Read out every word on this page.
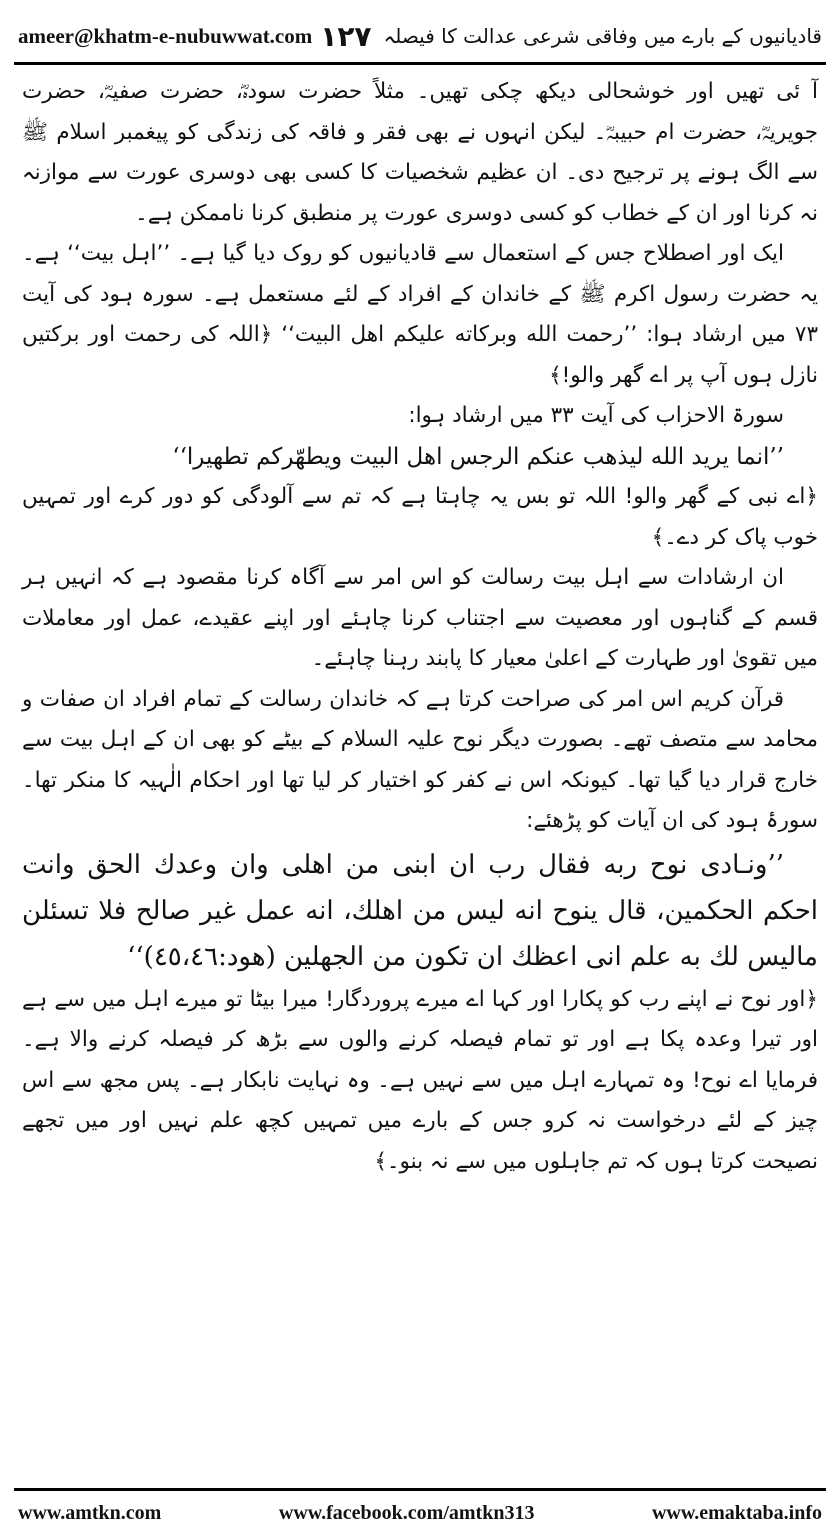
ameer@khatm-e-nubuwwat.com ١٢٧ قادیانیوں کے بارے میں وفاقی شرعی عدالت کا فیصلہ

آ ئی تھیں اور خوشحالی دیکھ چکی تھیں۔ مثلاً حضرت سودہؓ، حضرت صفیہؓ، حضرت جویریہؓ، حضرت ام حبیبہؓ۔ لیکن انہوں نے بھی فقر و فاقہ کی زندگی کو پیغمبر اسلام ﷺ سے الگ ہونے پر ترجیح دی۔ ان عظیم شخصیات کا کسی بھی دوسری عورت سے موازنہ نہ کرنا اور ان کے خطاب کو کسی دوسری عورت پر منطبق کرنا ناممکن ہے۔

ایک اور اصطلاح جس کے استعمال سے قادیانیوں کو روک دیا گیا ہے۔ ’’اہل بیت‘‘ ہے۔ یہ حضرت رسول اکرم ﷺ کے خاندان کے افراد کے لئے مستعمل ہے۔ سورہ ہود کی آیت ۷۳ میں ارشاد ہوا: ’’رحمت الله وبركاته عليكم اهل البيت‘‘ ﴿اللہ کی رحمت اور برکتیں نازل ہوں آپ پر اے گھر والو!﴾

سورۃ الاحزاب کی آیت ۳۳ میں ارشاد ہوا:

’’انما يريد الله ليذهب عنكم الرجس اهل البيت ويطهّركم تطهيرا‘‘

﴿اے نبی کے گھر والو! اللہ تو بس یہ چاہتا ہے کہ تم سے آلودگی کو دور کرے اور تمہیں خوب پاک کر دے۔﴾

ان ارشادات سے اہل بیت رسالت کو اس امر سے آگاہ کرنا مقصود ہے کہ انہیں ہر قسم کے گناہوں اور معصیت سے اجتناب کرنا چاہئے اور اپنے عقیدے، عمل اور معاملات میں تقویٰ اور طہارت کے اعلیٰ معیار کا پابند رہنا چاہئے۔

قرآن کریم اس امر کی صراحت کرتا ہے کہ خاندان رسالت کے تمام افراد ان صفات و محامد سے متصف تھے۔ بصورت دیگر نوح علیہ السلام کے بیٹے کو بھی ان کے اہل بیت سے خارج قرار دیا گیا تھا۔ کیونکہ اس نے کفر کو اختیار کر لیا تھا اور احکام الٰہیہ کا منکر تھا۔ سورۂ ہود کی ان آیات کو پڑھئے:

’’ونـادى نوح ربه فقال رب ان ابنى من اهلى وان وعدك الحق وانت احكم الحكمين، قال ينوح انه ليس من اهلك، انه عمل غير صالح فلا تسئلن ماليس لك به علم انى اعظك ان تكون من الجهلين (هود:٤٥،٤٦)‘‘

﴿اور نوح نے اپنے رب کو پکارا اور کہا اے میرے پروردگار! میرا بیٹا تو میرے اہل میں سے ہے اور تیرا وعدہ پکا ہے اور تو تمام فیصلہ کرنے والوں سے بڑھ کر فیصلہ کرنے والا ہے۔ فرمایا اے نوح! وہ تمہارے اہل میں سے نہیں ہے۔ وہ نہایت نابکار ہے۔ پس مجھ سے اس چیز کے لئے درخواست نہ کرو جس کے بارے میں تمہیں کچھ علم نہیں اور میں تجھے نصیحت کرتا ہوں کہ تم جاہلوں میں سے نہ بنو۔﴾

www.amtkn.com	www.facebook.com/amtkn313	www.emaktaba.info
